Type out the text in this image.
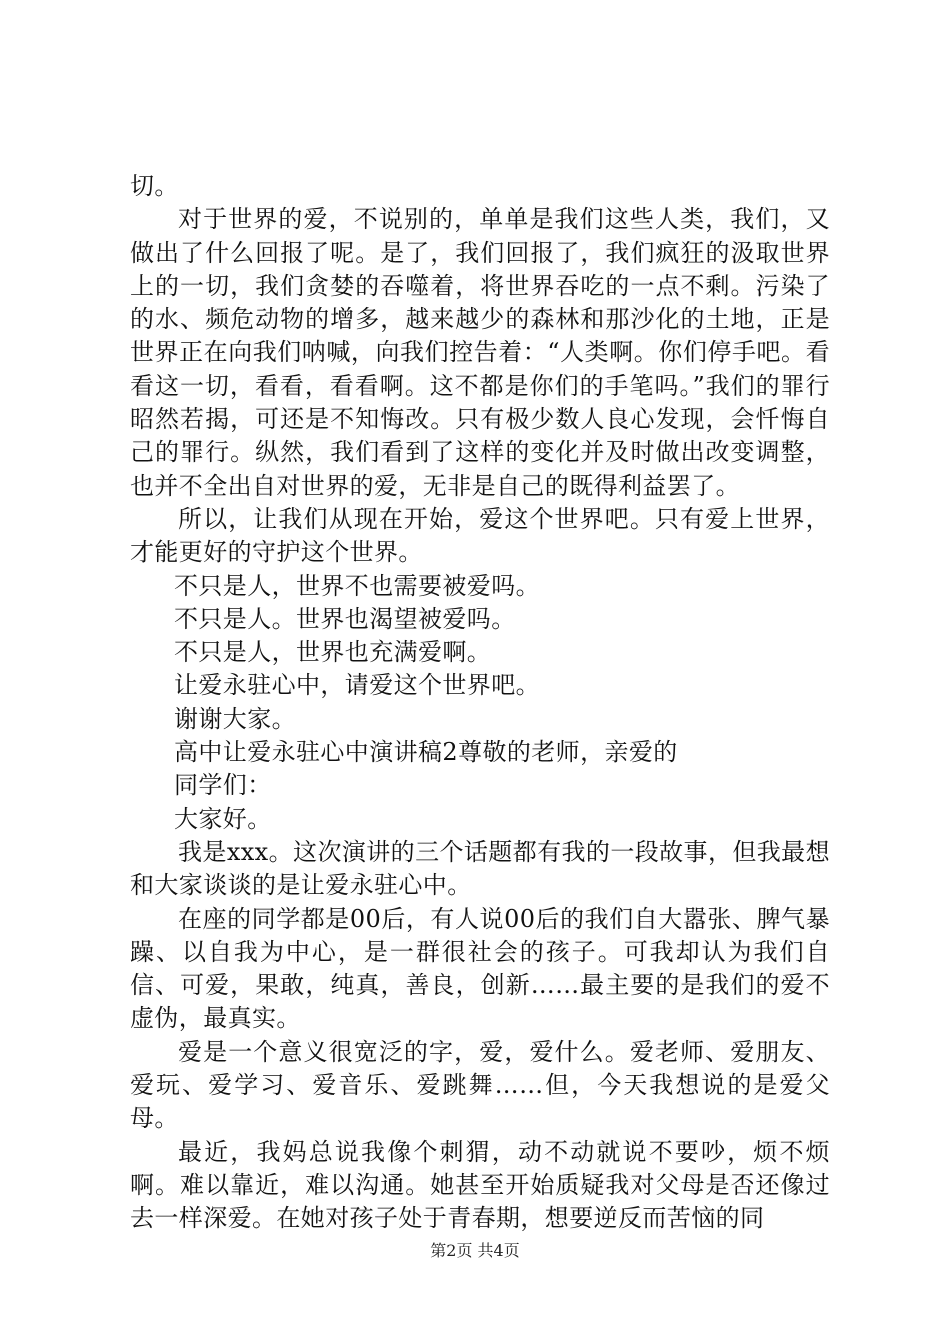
切。

对于世界的爱，不说别的，单单是我们这些人类，我们，又做出了什么回报了呢。是了，我们回报了，我们疯狂的汲取世界上的一切，我们贪婪的吞噬着，将世界吞吃的一点不剩。污染了的水、频危动物的增多，越来越少的森林和那沙化的土地，正是世界正在向我们呐喊，向我们控告着：“人类啊。你们停手吧。看看这一切，看看，看看啊。这不都是你们的手笔吗。”我们的罪行昭然若揭，可还是不知悔改。只有极少数人良心发现，会忏悔自己的罪行。纵然，我们看到了这样的变化并及时做出改变调整，也并不全出自对世界的爱，无非是自己的既得利益罢了。

所以，让我们从现在开始，爱这个世界吧。只有爱上世界，才能更好的守护这个世界。

不只是人，世界不也需要被爱吗。

不只是人。世界也渴望被爱吗。

不只是人，世界也充满爱啊。

让爱永驻心中，请爱这个世界吧。

谢谢大家。

高中让爱永驻心中演讲稿2尊敬的老师，亲爱的

同学们：

大家好。

我是xxx。这次演讲的三个话题都有我的一段故事，但我最想和大家谈谈的是让爱永驻心中。

在座的同学都是00后，有人说00后的我们自大嚣张、脾气暴躁、以自我为中心，是一群很社会的孩子。可我却认为我们自信、可爱，果敢，纯真，善良，创新……最主要的是我们的爱不虚伪，最真实。

爱是一个意义很宽泛的字，爱，爱什么。爱老师、爱朋友、爱玩、爱学习、爱音乐、爱跳舞……但，今天我想说的是爱父母。

最近，我妈总说我像个刺猬，动不动就说不要吵，烦不烦啊。难以靠近，难以沟通。她甚至开始质疑我对父母是否还像过去一样深爱。在她对孩子处于青春期，想要逆反而苦恼的同

第2页 共4页
